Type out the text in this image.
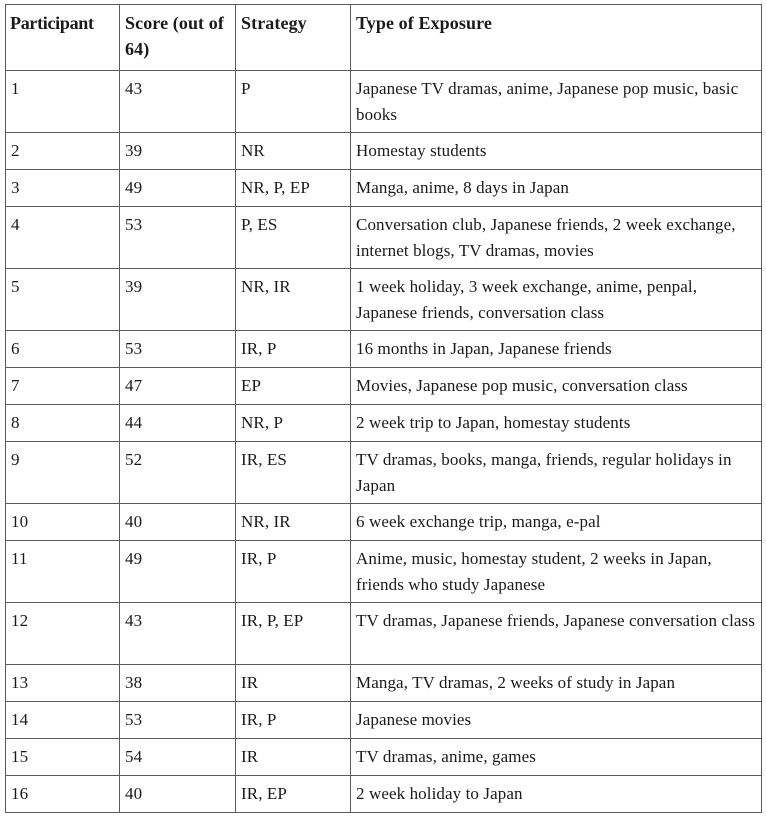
Participant	Score (out of 64)	Strategy	Type of Exposure
1	43	P	Japanese TV dramas, anime, Japanese pop music, basic books
2	39	NR	Homestay students
3	49	NR, P, EP	Manga, anime, 8 days in Japan
4	53	P, ES	Conversation club, Japanese friends, 2 week exchange, internet blogs, TV dramas, movies
5	39	NR, IR	1 week holiday, 3 week exchange, anime, penpal, Japanese friends, conversation class
6	53	IR, P	16 months in Japan, Japanese friends
7	47	EP	Movies, Japanese pop music, conversation class
8	44	NR, P	2 week trip to Japan, homestay students
9	52	IR, ES	TV dramas, books, manga, friends, regular holidays in Japan
10	40	NR, IR	6 week exchange trip, manga, e-pal
11	49	IR, P	Anime, music, homestay student, 2 weeks in Japan, friends who study Japanese
12	43	IR, P, EP	TV dramas, Japanese friends, Japanese conversation class
13	38	IR	Manga, TV dramas, 2 weeks of study in Japan
14	53	IR, P	Japanese movies
15	54	IR	TV dramas, anime, games
16	40	IR, EP	2 week holiday to Japan
